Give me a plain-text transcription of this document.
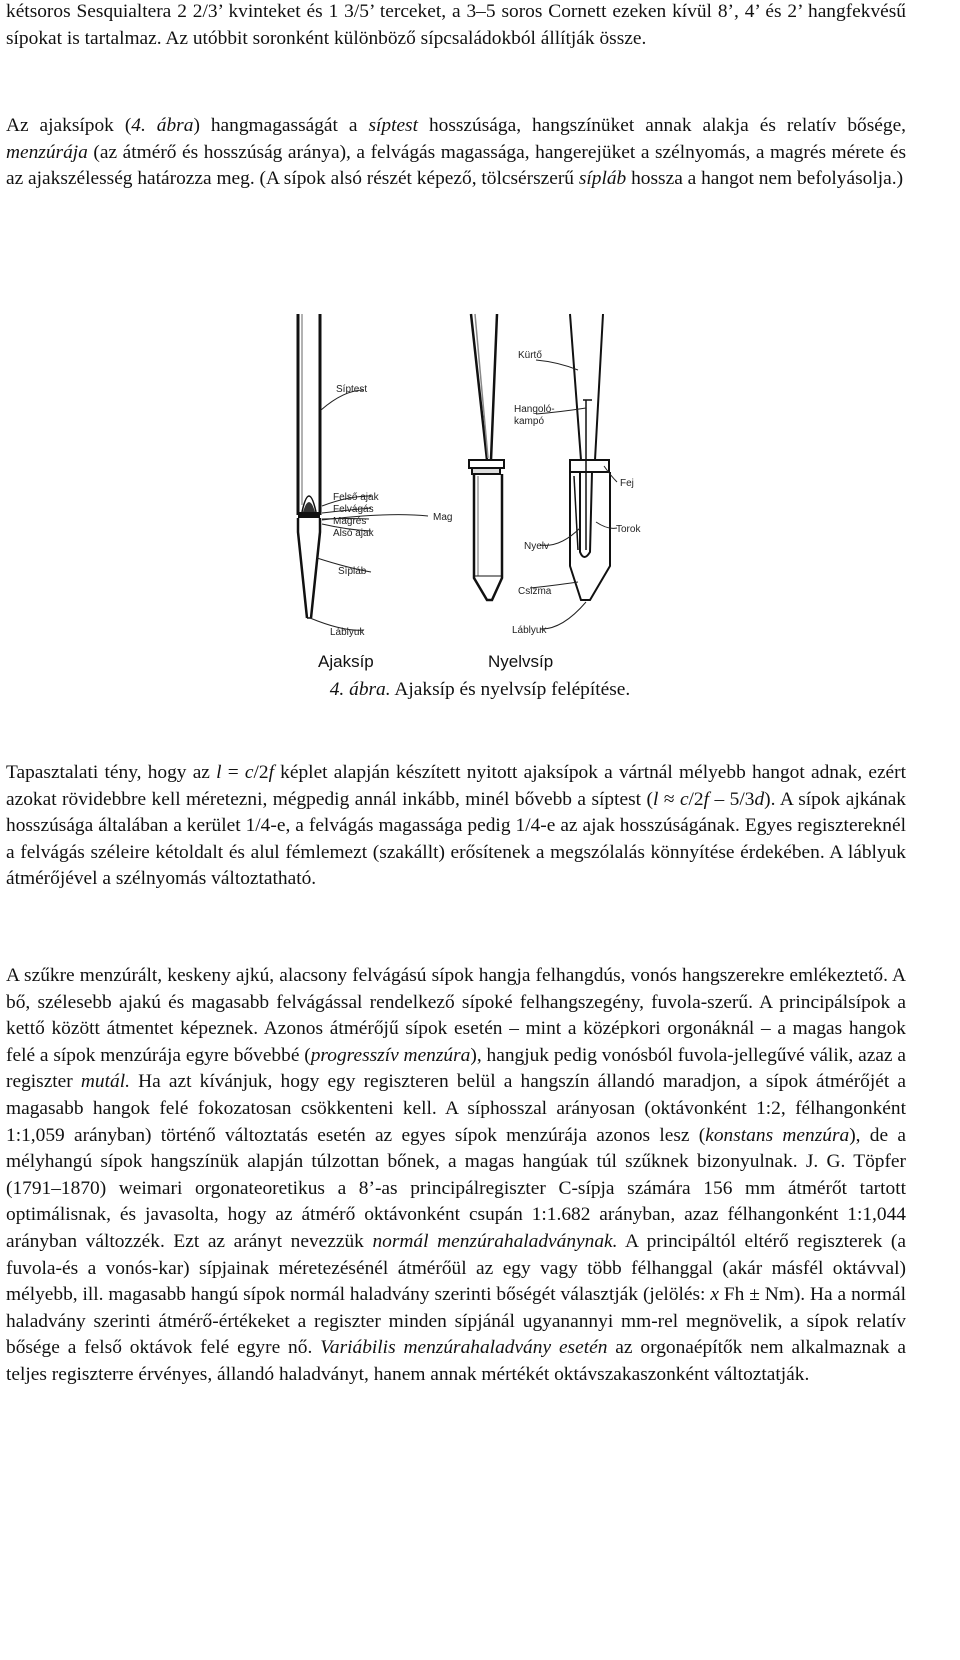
kétsoros Sesquialtera 2 2/3’ kvinteket és 1 3/5’ terceket, a 3–5 soros Cornett ezeken kívül 8’, 4’ és 2’ hangfekvésű sípokat is tartalmaz. Az utóbbit soronként különböző sípcsaládokból állítják össze.

Az ajaksípok (4. ábra) hangmagasságát a síptest hosszúsága, hangszínüket annak alakja és relatív bősége, menzúrája (az átmérő és hosszúság aránya), a felvágás magassága, hangerejüket a szélnyomás, a magrés mérete és az ajakszélesség határozza meg. (A sípok alsó részét képező, tölcsérszerű sípláb hossza a hangot nem befolyásolja.)

Síptest
Felső ajak
Felvágás
Magrés
Alsó ajak
Mag
Sípláb
Láblyuk
Ajaksíp
Kürtő
Hangoló-
kampó
Fej
Torok
Nyelv
Csizma
Láblyuk
Nyelvsíp
4. ábra. Ajaksíp és nyelvsíp felépítése.

Tapasztalati tény, hogy az l = c/2f képlet alapján készített nyitott ajaksípok a vártnál mélyebb hangot adnak, ezért azokat rövidebbre kell méretezni, mégpedig annál inkább, minél bővebb a síptest (l ≈ c/2f – 5/3d). A sípok ajkának hosszúsága általában a kerület 1/4-e, a felvágás magassága pedig 1/4-e az ajak hosszúságának. Egyes regisztereknél a felvágás széleire kétoldalt és alul fémlemezt (szakállt) erősítenek a megszólalás könnyítése érdekében. A láblyuk átmérőjével a szélnyomás változtatható.

A szűkre menzúrált, keskeny ajkú, alacsony felvágású sípok hangja felhangdús, vonós hangszerekre emlékeztető. A bő, szélesebb ajakú és magasabb felvágással rendelkező sípoké felhangszegény, fuvola-szerű. A principálsípok a kettő között átmentet képeznek. Azonos átmérőjű sípok esetén – mint a középkori orgonáknál – a magas hangok felé a sípok menzúrája egyre bővebbé (progresszív menzúra), hangjuk pedig vonósból fuvola-jellegűvé válik, azaz a regiszter mutál. Ha azt kívánjuk, hogy egy regiszteren belül a hangszín állandó maradjon, a sípok átmérőjét a magasabb hangok felé fokozatosan csökkenteni kell. A síphosszal arányosan (oktávonként 1:2, félhangonként 1:1,059 arányban) történő változtatás esetén az egyes sípok menzúrája azonos lesz (konstans menzúra), de a mélyhangú sípok hangszínük alapján túlzottan bőnek, a magas hangúak túl szűknek bizonyulnak. J. G. Töpfer (1791–1870) weimari orgonateoretikus a 8’-as principálregiszter C-sípja számára 156 mm átmérőt tartott optimálisnak, és javasolta, hogy az átmérő oktávonként csupán 1:1.682 arányban, azaz félhangonként 1:1,044 arányban változzék. Ezt az arányt nevezzük normál menzúrahaladványnak. A principáltól eltérő regiszterek (a fuvola-és a vonós-kar) sípjainak méretezésénél átmérőül az egy vagy több félhanggal (akár másfél oktávval) mélyebb, ill. magasabb hangú sípok normál haladvány szerinti bőségét választják (jelölés: x Fh ± Nm). Ha a normál haladvány szerinti átmérő-értékeket a regiszter minden sípjánál ugyanannyi mm-rel megnövelik, a sípok relatív bősége a felső oktávok felé egyre nő. Variábilis menzúrahaladvány esetén az orgonaépítők nem alkalmaznak a teljes regiszterre érvényes, állandó haladványt, hanem annak mértékét oktávszakaszonként változtatják.
